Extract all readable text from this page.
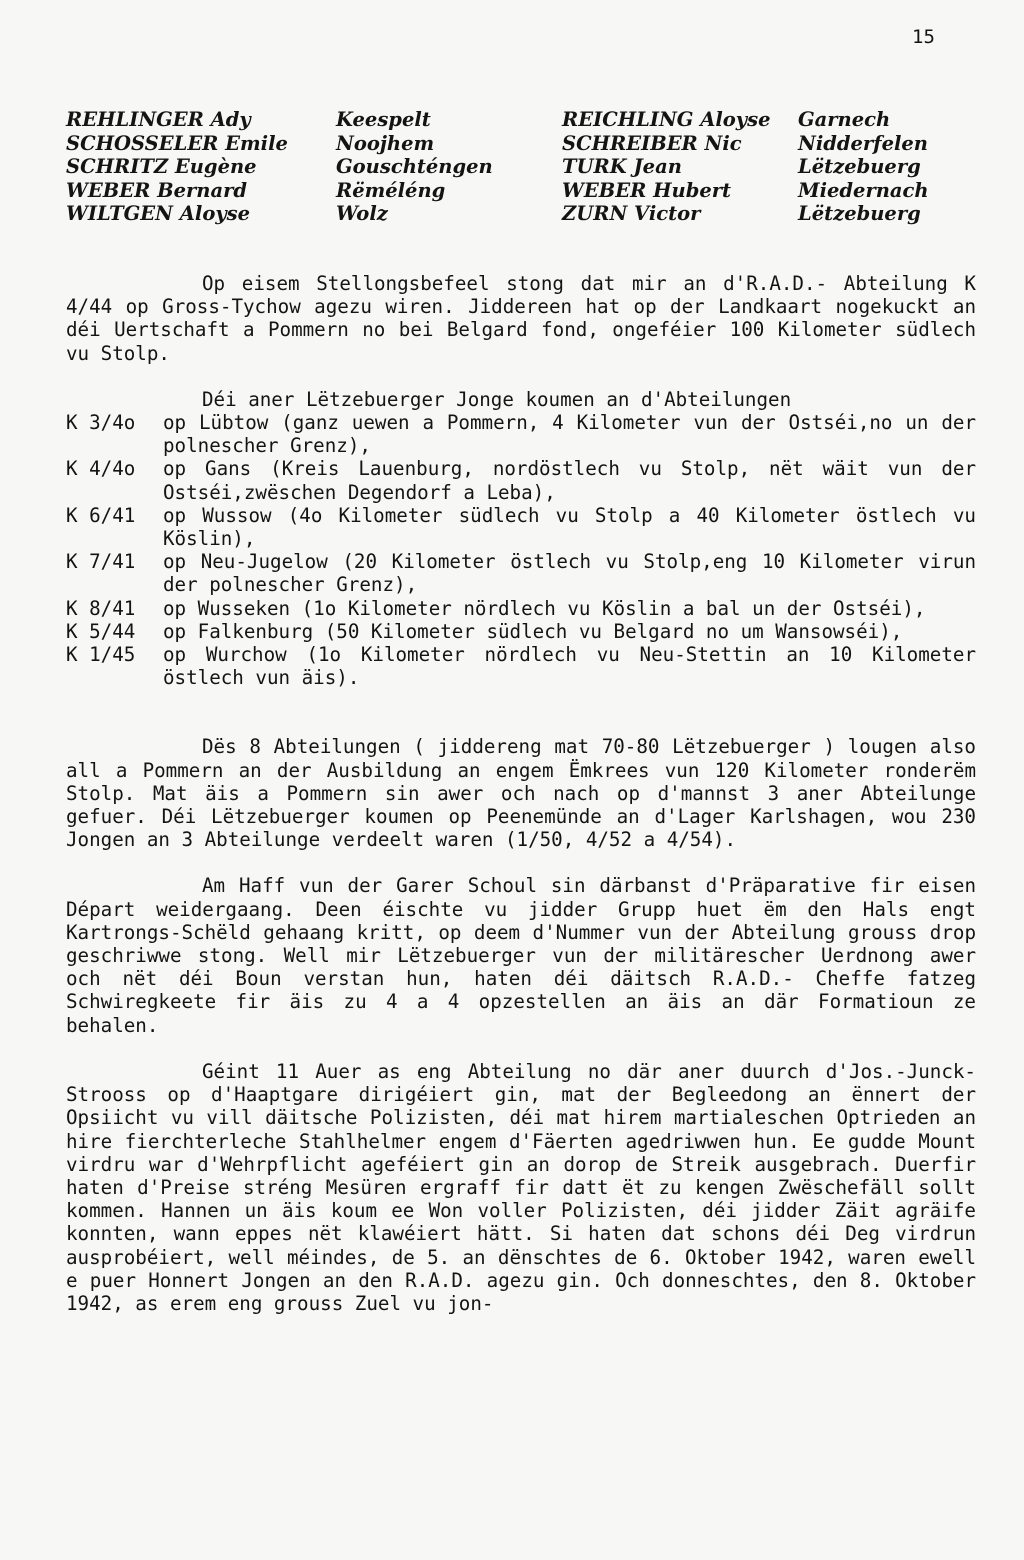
15
REHLINGER Ady	Keespelt	REICHLING Aloyse	Garnech
SCHOSSELER Emile	Noojhem	SCHREIBER Nic	Nidderfelen
SCHRITZ Eugène	Gouschténgen	TURK Jean	Lëtzebuerg
WEBER Bernard	Rëméléng	WEBER Hubert	Miedernach
WILTGEN Aloyse	Wolz	ZURN Victor	Lëtzebuerg

Op eisem Stellongsbefeel stong dat mir an d'R.A.D.- Abteilung K 4/44 op Gross-Tychow agezu wiren. Jiddereen hat op der Landkaart nogekuckt an déi Uertschaft a Pommern no bei Belgard fond, ongeféier 100 Kilometer südlech vu Stolp.

Déi aner Lëtzebuerger Jonge koumen an d'Abteilungen

K 3/4o	op Lübtow (ganz uewen a Pommern, 4 Kilometer vun der Ostséi,no un der polnescher Grenz),
K 4/4o	op Gans (Kreis Lauenburg, nordöstlech vu Stolp, nët wäit vun der Ostséi,zwëschen Degendorf a Leba),
K 6/41	op Wussow (4o Kilometer südlech vu Stolp a 40 Kilometer östlech vu Köslin),
K 7/41	op Neu-Jugelow (20 Kilometer östlech vu Stolp,eng 10 Kilometer virun der polnescher Grenz),
K 8/41	op Wusseken (1o Kilometer nördlech vu Köslin a bal un der Ostséi),
K 5/44	op Falkenburg (50 Kilometer südlech vu Belgard no um Wansowséi),
K 1/45	op Wurchow (1o Kilometer nördlech vu Neu-Stettin an 10 Kilometer östlech vun äis).

Dës 8 Abteilungen ( jiddereng mat 70-80 Lëtzebuerger ) lougen also all a Pommern an der Ausbildung an engem Ëmkrees vun 120 Kilometer ronderëm Stolp. Mat äis a Pommern sin awer och nach op d'mannst 3 aner Abteilunge gefuer. Déi Lëtzebuerger koumen op Peenemünde an d'Lager Karlshagen, wou 230 Jongen an 3 Abteilunge verdeelt waren (1/50, 4/52 a 4/54).

Am Haff vun der Garer Schoul sin därbanst d'Präparative fir eisen Départ weidergaang. Deen éischte vu jidder Grupp huet ëm den Hals engt Kartrongs-Schëld gehaang kritt, op deem d'Nummer vun der Abteilung grouss drop geschriwwe stong. Well mir Lëtzebuerger vun der militärescher Uerdnong awer och nët déi Boun verstan hun, haten déi däitsch R.A.D.- Cheffe fatzeg Schwiregkeete fir äis zu 4 a 4 opzestellen an äis an där Formatioun ze behalen.

Géint 11 Auer as eng Abteilung no där aner duurch d'Jos.-Junck-Strooss op d'Haaptgare dirigéiert gin, mat der Begleedong an ënnert der Opsiicht vu vill däitsche Polizisten, déi mat hirem martialeschen Optrieden an hire fierchterleche Stahlhelmer engem d'Fäerten agedriwwen hun. Ee gudde Mount virdru war d'Wehrpflicht ageféiert gin an dorop de Streik ausgebrach. Duerfir haten d'Preise stréng Mesüren ergraff fir datt ët zu kengen Zwëschefäll sollt kommen. Hannen un äis koum ee Won voller Polizisten, déi jidder Zäit agräife konnten, wann eppes nët klawéiert hätt. Si haten dat schons déi Deg virdrun ausprobéiert, well méindes, de 5. an dënschtes de 6. Oktober 1942, waren ewell e puer Honnert Jongen an den R.A.D. agezu gin. Och donneschtes, den 8. Oktober 1942, as erem eng grouss Zuel vu jon-
